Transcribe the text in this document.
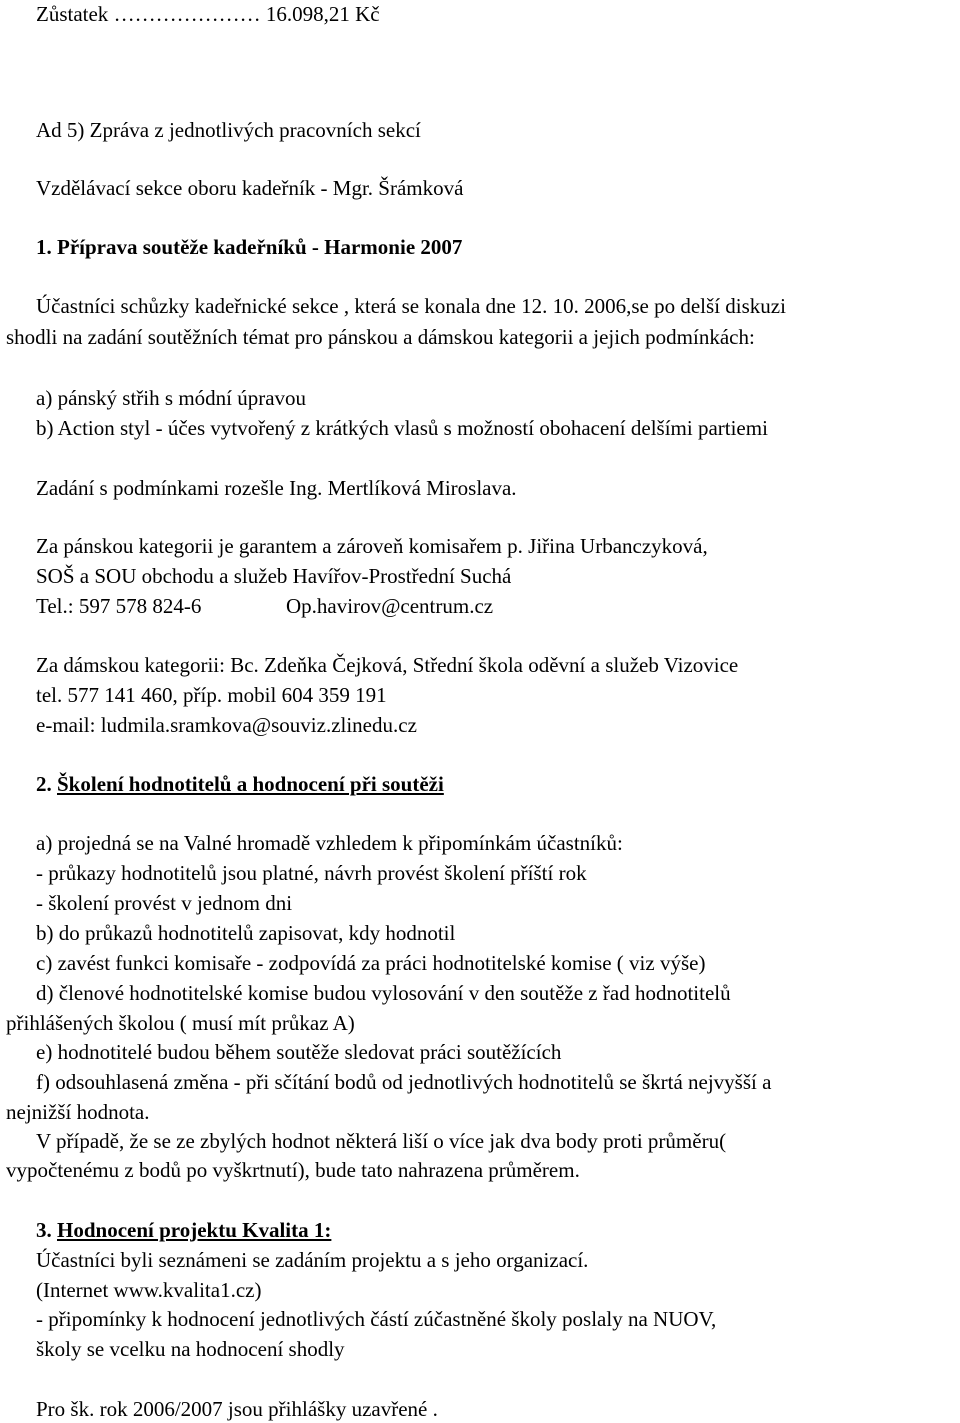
Zůstatek ………………… 16.098,21 Kč

Ad 5) Zpráva z jednotlivých pracovních sekcí

Vzdělávací sekce oboru kadeřník - Mgr. Šrámková

1. Příprava soutěže kadeřníků - Harmonie 2007

Účastníci schůzky kadeřnické sekce , která se konala dne 12. 10. 2006,se po delší diskuzi

shodli na zadání soutěžních témat pro pánskou a dámskou kategorii a jejich podmínkách:

a) pánský střih s módní úpravou

b) Action styl - účes vytvořený z krátkých vlasů s možností obohacení delšími partiemi

Zadání s podmínkami rozešle Ing. Mertlíková Miroslava.

Za pánskou kategorii je garantem a zároveň komisařem p. Jiřina Urbanczyková,

SOŠ a SOU obchodu a služeb Havířov-Prostřední Suchá

Tel.: 597 578 824-6	Op.havirov@centrum.cz

Za dámskou kategorii: Bc. Zdeňka Čejková, Střední škola oděvní a služeb Vizovice

tel. 577 141 460, příp. mobil 604 359 191

e-mail: ludmila.sramkova@souviz.zlinedu.cz

2. Školení hodnotitelů a hodnocení při soutěži

a) projedná se na Valné hromadě vzhledem k připomínkám účastníků:

- průkazy hodnotitelů jsou platné, návrh provést školení příští rok

- školení provést v jednom dni

b) do průkazů hodnotitelů zapisovat, kdy hodnotil

c) zavést funkci komisaře - zodpovídá za práci hodnotitelské komise ( viz výše)

d) členové hodnotitelské komise budou vylosování v den soutěže z řad hodnotitelů

přihlášených školou ( musí mít průkaz A)

e) hodnotitelé budou během soutěže sledovat práci soutěžících

f) odsouhlasená změna - při sčítání bodů od jednotlivých hodnotitelů se škrtá nejvyšší a

nejnižší hodnota.

V případě, že se ze zbylých hodnot některá liší o více jak dva body proti průměru(

vypočtenému z bodů po vyškrtnutí), bude tato nahrazena průměrem.

3. Hodnocení projektu Kvalita 1:

Účastníci byli seznámeni se zadáním projektu a s jeho organizací.

(Internet www.kvalita1.cz)

- připomínky k hodnocení jednotlivých částí zúčastněné školy poslaly na NUOV,

školy se vcelku na hodnocení shodly

Pro šk. rok 2006/2007 jsou přihlášky uzavřené .
